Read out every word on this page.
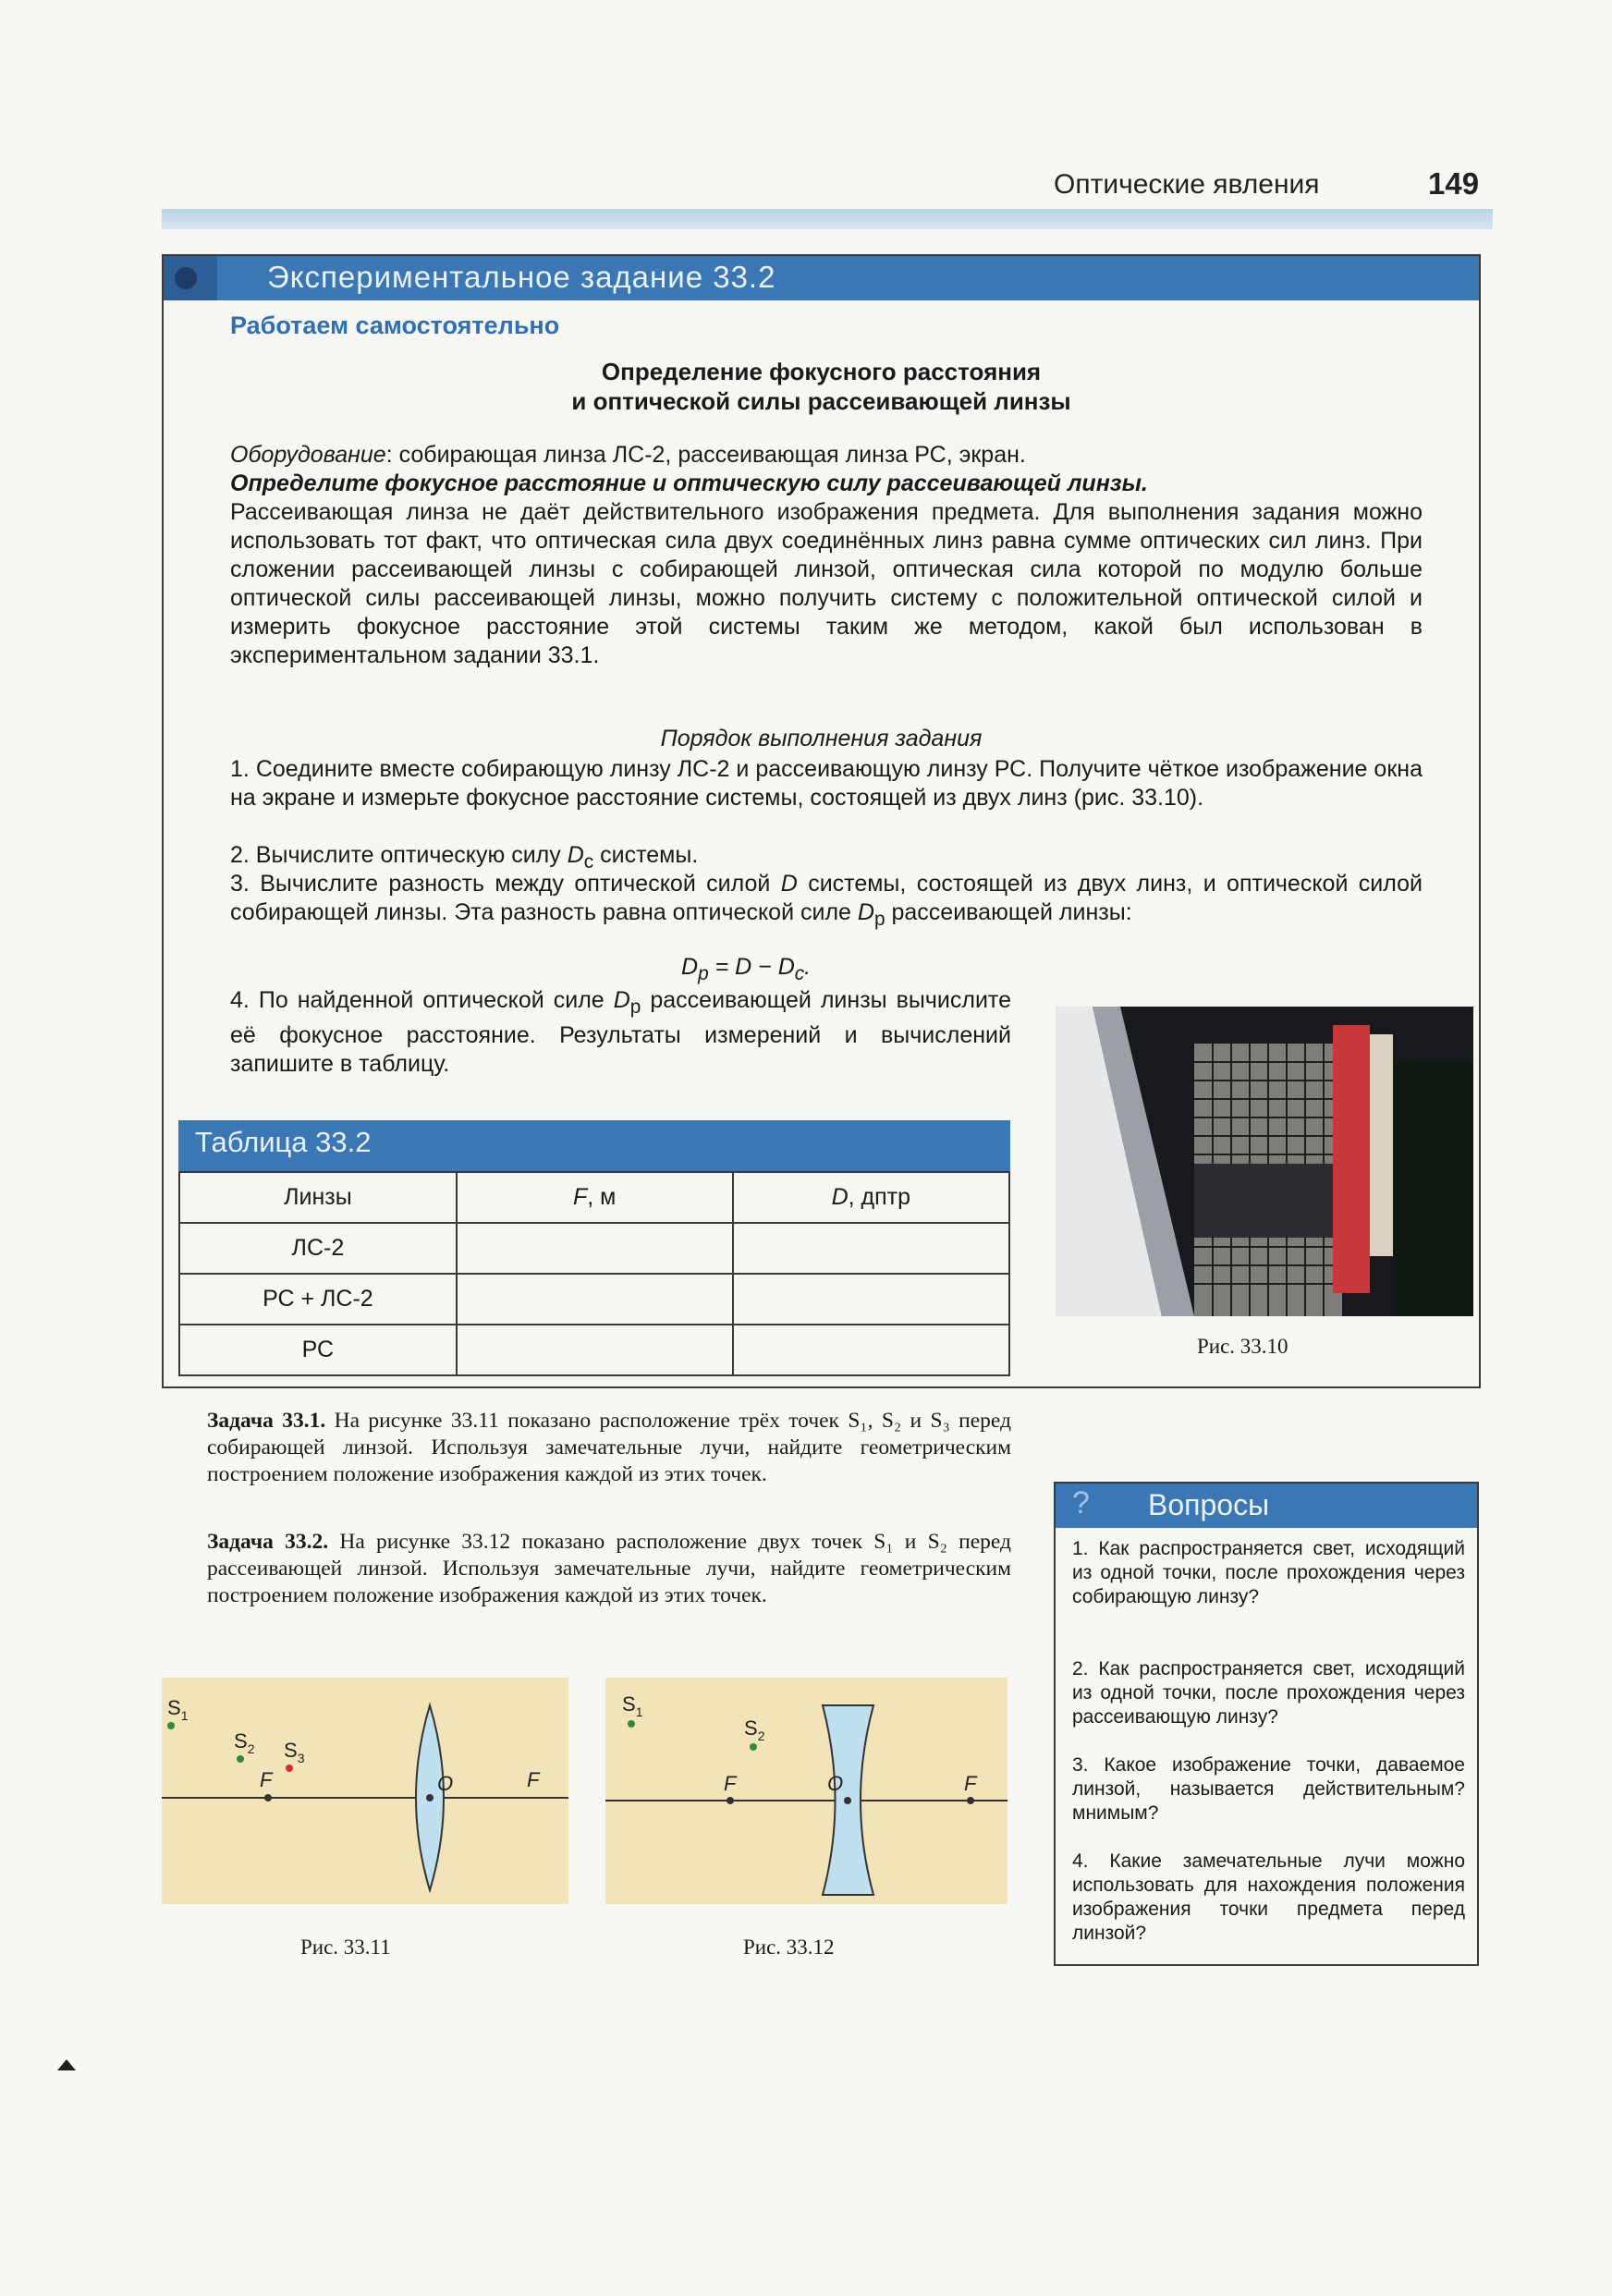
Оптические явления	149
Экспериментальное задание 33.2
Работаем самостоятельно
Определение фокусного расстояния
и оптической силы рассеивающей линзы
Оборудование: собирающая линза ЛС-2, рассеивающая линза РС, экран.
Определите фокусное расстояние и оптическую силу рассеивающей линзы.
Рассеивающая линза не даёт действительного изображения предмета. Для выполнения задания можно использовать тот факт, что оптическая сила двух соединённых линз равна сумме оптических сил линз. При сложении рассеивающей линзы с собирающей линзой, оптическая сила которой по модулю больше оптической силы рассеивающей линзы, можно получить систему с положительной оптической силой и измерить фокусное расстояние этой системы таким же методом, какой был использован в экспериментальном задании 33.1.
Порядок выполнения задания
1. Соедините вместе собирающую линзу ЛС-2 и рассеивающую линзу РС. Получите чёткое изображение окна на экране и измерьте фокусное расстояние системы, состоящей из двух линз (рис. 33.10).
2. Вычислите оптическую силу $D_с$ системы.
3. Вычислите разность между оптической силой D системы, состоящей из двух линз, и оптической силой собирающей линзы. Эта разность равна оптической силе $D_р$ рассеивающей линзы:
$D_р = D - D_с$.
4. По найденной оптической силе $D_р$ рассеивающей линзы вычислите её фокусное расстояние. Результаты измерений и вычислений запишите в таблицу.
Таблица 33.2
Линзы	F, м	D, дптр
ЛС-2		
РС + ЛС-2		
РС			Рис. 33.10
Задача 33.1. На рисунке 33.11 показано расположение трёх точек S₁, S₂ и S₃ перед собирающей линзой. Используя замечательные лучи, найдите геометрическим построением положение изображения каждой из этих точек.
Задача 33.2. На рисунке 33.12 показано расположение двух точек S₁ и S₂ перед рассеивающей линзой. Используя замечательные лучи, найдите геометрическим построением положение изображения каждой из этих точек.
? Вопросы
1. Как распространяется свет, исходящий из одной точки, после прохождения через собирающую линзу?
2. Как распространяется свет, исходящий из одной точки, после прохождения через рассеивающую линзу?
3. Какое изображение точки, даваемое линзой, называется действительным? мнимым?
4. Какие замечательные лучи можно использовать для нахождения положения изображения точки предмета перед линзой?
$S_1$
$S_2$ $S_3$
F	O	F
Рис. 33.11
$S_1$
$S_2$
F	O	F
Рис. 33.12
